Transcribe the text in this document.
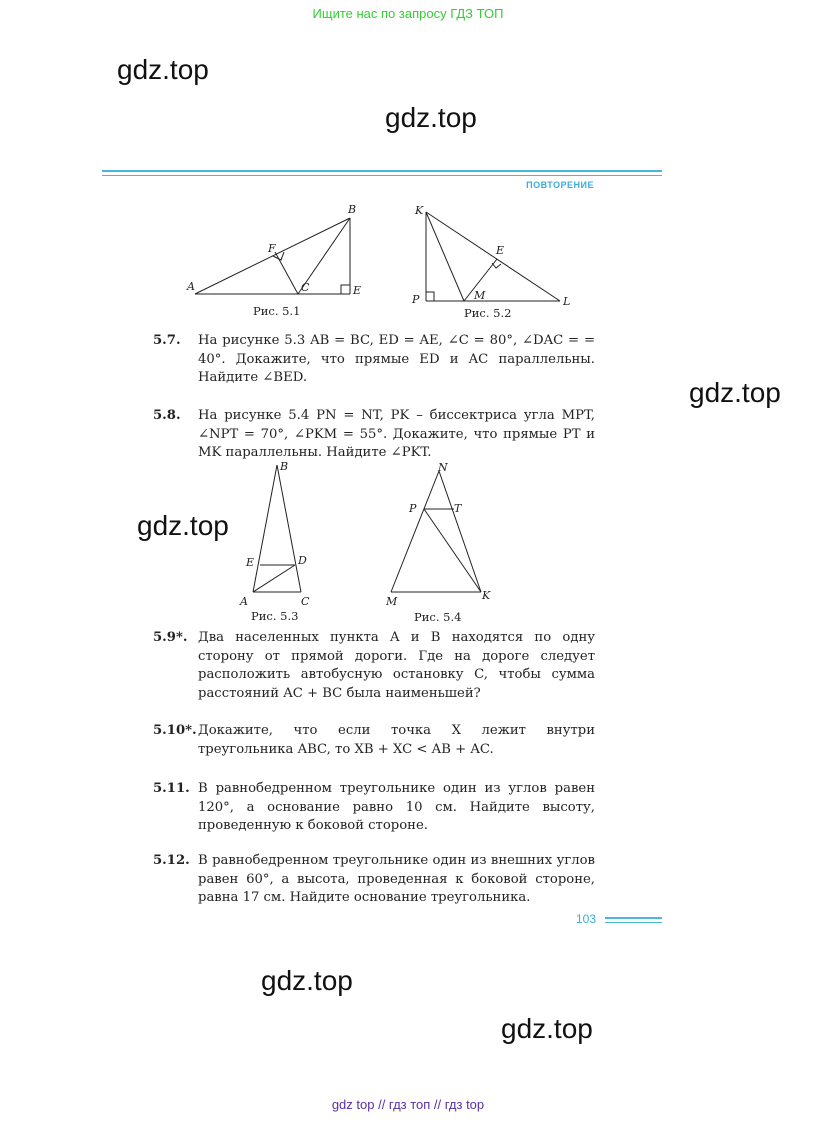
Ищите нас по запросу ГДЗ ТОП
gdz.top
gdz.top
gdz.top
gdz.top
gdz.top
gdz.top
ПОВТОРЕНИЕ
A
B
C	E
F
Рис. 5.1
K
E
P	M	L
Рис. 5.2
5.7. На рисунке 5.3 AB = BC, ED = AE, ∠C = 80°, ∠DAC = = 40°. Докажите, что прямые ED и AC параллельны. Найдите ∠BED.
5.8. На рисунке 5.4 PN = NT, PK – биссектриса угла MPT, ∠NPT = 70°, ∠PKM = 55°. Докажите, что прямые PT и MK параллельны. Найдите ∠PKT.
B
E	D
A	C
Рис. 5.3
N
P	T
M	K
Рис. 5.4
5.9*. Два населенных пункта A и B находятся по одну сторону от прямой дороги. Где на дороге следует расположить автобусную остановку C, чтобы сумма расстояний AC + BC была наименьшей?
5.10*. Докажите, что если точка X лежит внутри треугольника ABC, то XB + XC < AB + AC.
5.11. В равнобедренном треугольнике один из углов равен 120°, а основание равно 10 см. Найдите высоту, проведенную к боковой стороне.
5.12. В равнобедренном треугольнике один из внешних углов равен 60°, а высота, проведенная к боковой стороне, равна 17 см. Найдите основание треугольника.
103
gdz top // гдз топ // гдз top
